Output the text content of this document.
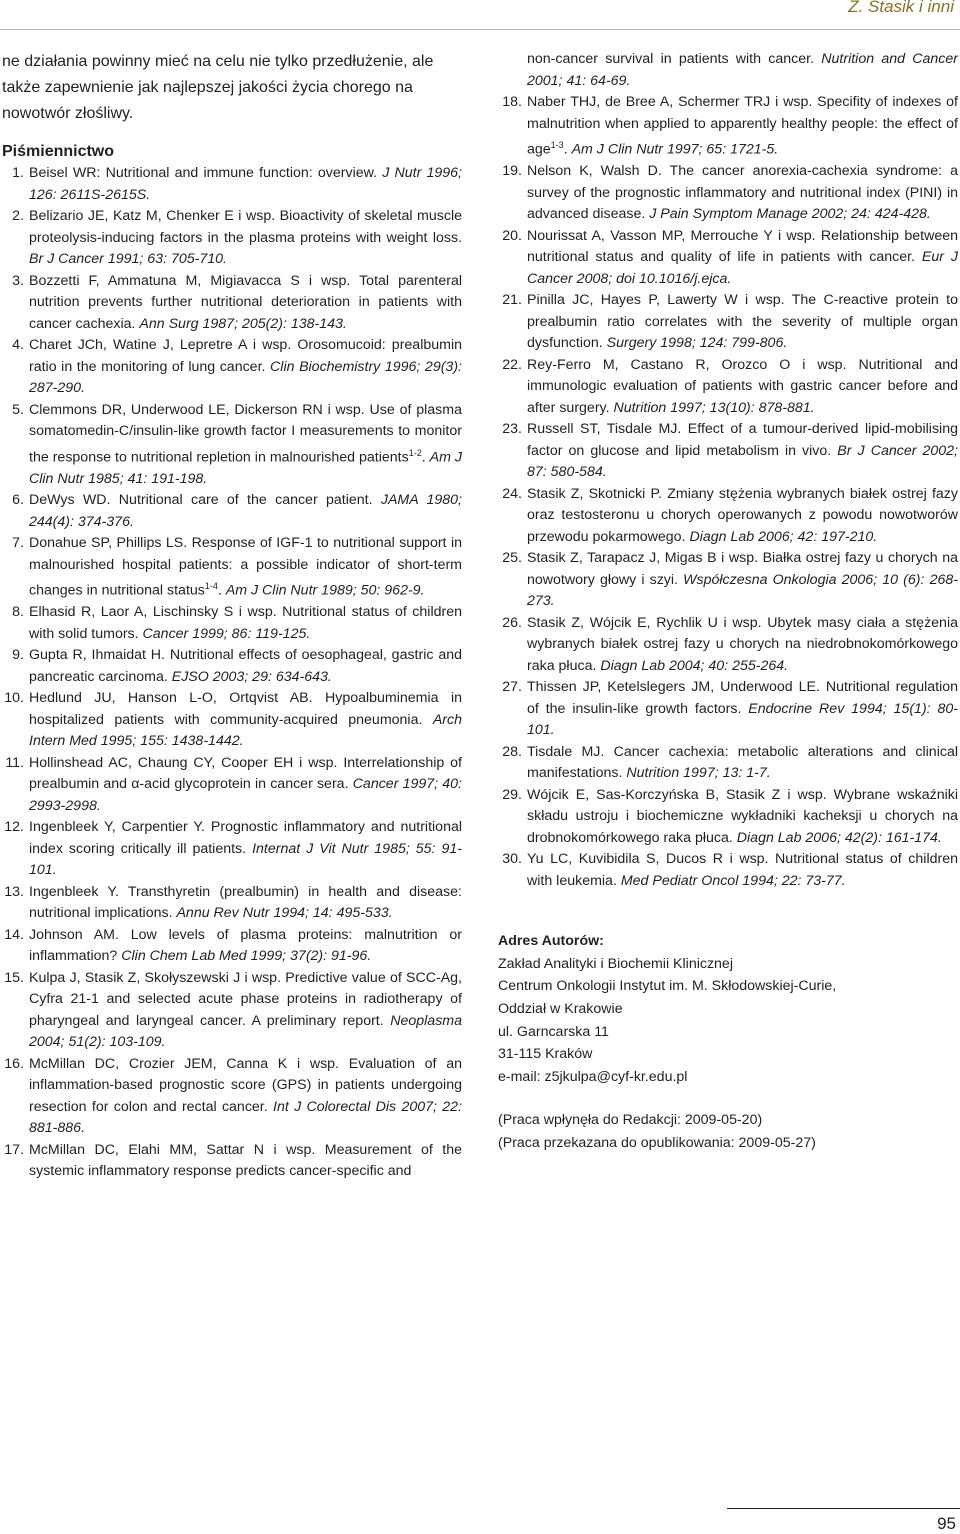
Z. Stasik i inni

ne działania powinny mieć na celu nie tylko przedłużenie, ale także zapewnienie jak najlepszej jakości życia chorego na nowotwór złośliwy.

Piśmiennictwo
1. Beisel WR: Nutritional and immune function: overview. J Nutr 1996; 126: 2611S-2615S.
2. Belizario JE, Katz M, Chenker E i wsp. Bioactivity of skeletal muscle proteolysis-inducing factors in the plasma proteins with weight loss. Br J Cancer 1991; 63: 705-710.
3. Bozzetti F, Ammatuna M, Migiavacca S i wsp. Total parenteral nutrition prevents further nutritional deterioration in patients with cancer cachexia. Ann Surg 1987; 205(2): 138-143.
4. Charet JCh, Watine J, Lepretre A i wsp. Orosomucoid: prealbumin ratio in the monitoring of lung cancer. Clin Biochemistry 1996; 29(3): 287-290.
5. Clemmons DR, Underwood LE, Dickerson RN i wsp. Use of plasma somatomedin-C/insulin-like growth factor I measurements to monitor the response to nutritional repletion in malnourished patients$^{1-2}$. Am J Clin Nutr 1985; 41: 191-198.
6. DeWys WD. Nutritional care of the cancer patient. JAMA 1980; 244(4): 374-376.
7. Donahue SP, Phillips LS. Response of IGF-1 to nutritional support in malnourished hospital patients: a possible indicator of short-term changes in nutritional status$^{1-4}$. Am J Clin Nutr 1989; 50: 962-9.
8. Elhasid R, Laor A, Lischinsky S i wsp. Nutritional status of children with solid tumors. Cancer 1999; 86: 119-125.
9. Gupta R, Ihmaidat H. Nutritional effects of oesophageal, gastric and pancreatic carcinoma. EJSO 2003; 29: 634-643.
10. Hedlund JU, Hanson L-O, Ortqvist AB. Hypoalbuminemia in hospitalized patients with community-acquired pneumonia. Arch Intern Med 1995; 155: 1438-1442.
11. Hollinshead AC, Chaung CY, Cooper EH i wsp. Interrelationship of prealbumin and α-acid glycoprotein in cancer sera. Cancer 1997; 40: 2993-2998.
12. Ingenbleek Y, Carpentier Y. Prognostic inflammatory and nutritional index scoring critically ill patients. Internat J Vit Nutr 1985; 55: 91-101.
13. Ingenbleek Y. Transthyretin (prealbumin) in health and disease: nutritional implications. Annu Rev Nutr 1994; 14: 495-533.
14. Johnson AM. Low levels of plasma proteins: malnutrition or inflammation? Clin Chem Lab Med 1999; 37(2): 91-96.
15. Kulpa J, Stasik Z, Skołyszewski J i wsp. Predictive value of SCC-Ag, Cyfra 21-1 and selected acute phase proteins in radiotherapy of pharyngeal and laryngeal cancer. A preliminary report. Neoplasma 2004; 51(2): 103-109.
16. McMillan DC, Crozier JEM, Canna K i wsp. Evaluation of an inflammation-based prognostic score (GPS) in patients undergoing resection for colon and rectal cancer. Int J Colorectal Dis 2007; 22: 881-886.
17. McMillan DC, Elahi MM, Sattar N i wsp. Measurement of the systemic inflammatory response predicts cancer-specific and
non-cancer survival in patients with cancer. Nutrition and Cancer 2001; 41: 64-69.
18. Naber THJ, de Bree A, Schermer TRJ i wsp. Specifity of indexes of malnutrition when applied to apparently healthy people: the effect of age$^{1-3}$. Am J Clin Nutr 1997; 65: 1721-5.
19. Nelson K, Walsh D. The cancer anorexia-cachexia syndrome: a survey of the prognostic inflammatory and nutritional index (PINI) in advanced disease. J Pain Symptom Manage 2002; 24: 424-428.
20. Nourissat A, Vasson MP, Merrouche Y i wsp. Relationship between nutritional status and quality of life in patients with cancer. Eur J Cancer 2008; doi 10.1016/j.ejca.
21. Pinilla JC, Hayes P, Lawerty W i wsp. The C-reactive protein to prealbumin ratio correlates with the severity of multiple organ dysfunction. Surgery 1998; 124: 799-806.
22. Rey-Ferro M, Castano R, Orozco O i wsp. Nutritional and immunologic evaluation of patients with gastric cancer before and after surgery. Nutrition 1997; 13(10): 878-881.
23. Russell ST, Tisdale MJ. Effect of a tumour-derived lipid-mobilising factor on glucose and lipid metabolism in vivo. Br J Cancer 2002; 87: 580-584.
24. Stasik Z, Skotnicki P. Zmiany stężenia wybranych białek ostrej fazy oraz testosteronu u chorych operowanych z powodu nowotworów przewodu pokarmowego. Diagn Lab 2006; 42: 197-210.
25. Stasik Z, Tarapacz J, Migas B i wsp. Białka ostrej fazy u chorych na nowotwory głowy i szyi. Współczesna Onkologia 2006; 10 (6): 268-273.
26. Stasik Z, Wójcik E, Rychlik U i wsp. Ubytek masy ciała a stężenia wybranych białek ostrej fazy u chorych na niedrobnokomórkowego raka płuca. Diagn Lab 2004; 40: 255-264.
27. Thissen JP, Ketelslegers JM, Underwood LE. Nutritional regulation of the insulin-like growth factors. Endocrine Rev 1994; 15(1): 80-101.
28. Tisdale MJ. Cancer cachexia: metabolic alterations and clinical manifestations. Nutrition 1997; 13: 1-7.
29. Wójcik E, Sas-Korczyńska B, Stasik Z i wsp. Wybrane wskaźniki składu ustroju i biochemiczne wykładniki kacheksji u chorych na drobnokomórkowego raka płuca. Diagn Lab 2006; 42(2): 161-174.
30. Yu LC, Kuvibidila S, Ducos R i wsp. Nutritional status of children with leukemia. Med Pediatr Oncol 1994; 22: 73-77.
Adres Autorów:
Zakład Analityki i Biochemii Klinicznej
Centrum Onkologii Instytut im. M. Skłodowskiej-Curie,
Oddział w Krakowie
ul. Garncarska 11
31-115 Kraków
e-mail: z5jkulpa@cyf-kr.edu.pl
(Praca wpłynęła do Redakcji: 2009-05-20)
(Praca przekazana do opublikowania: 2009-05-27)
95
